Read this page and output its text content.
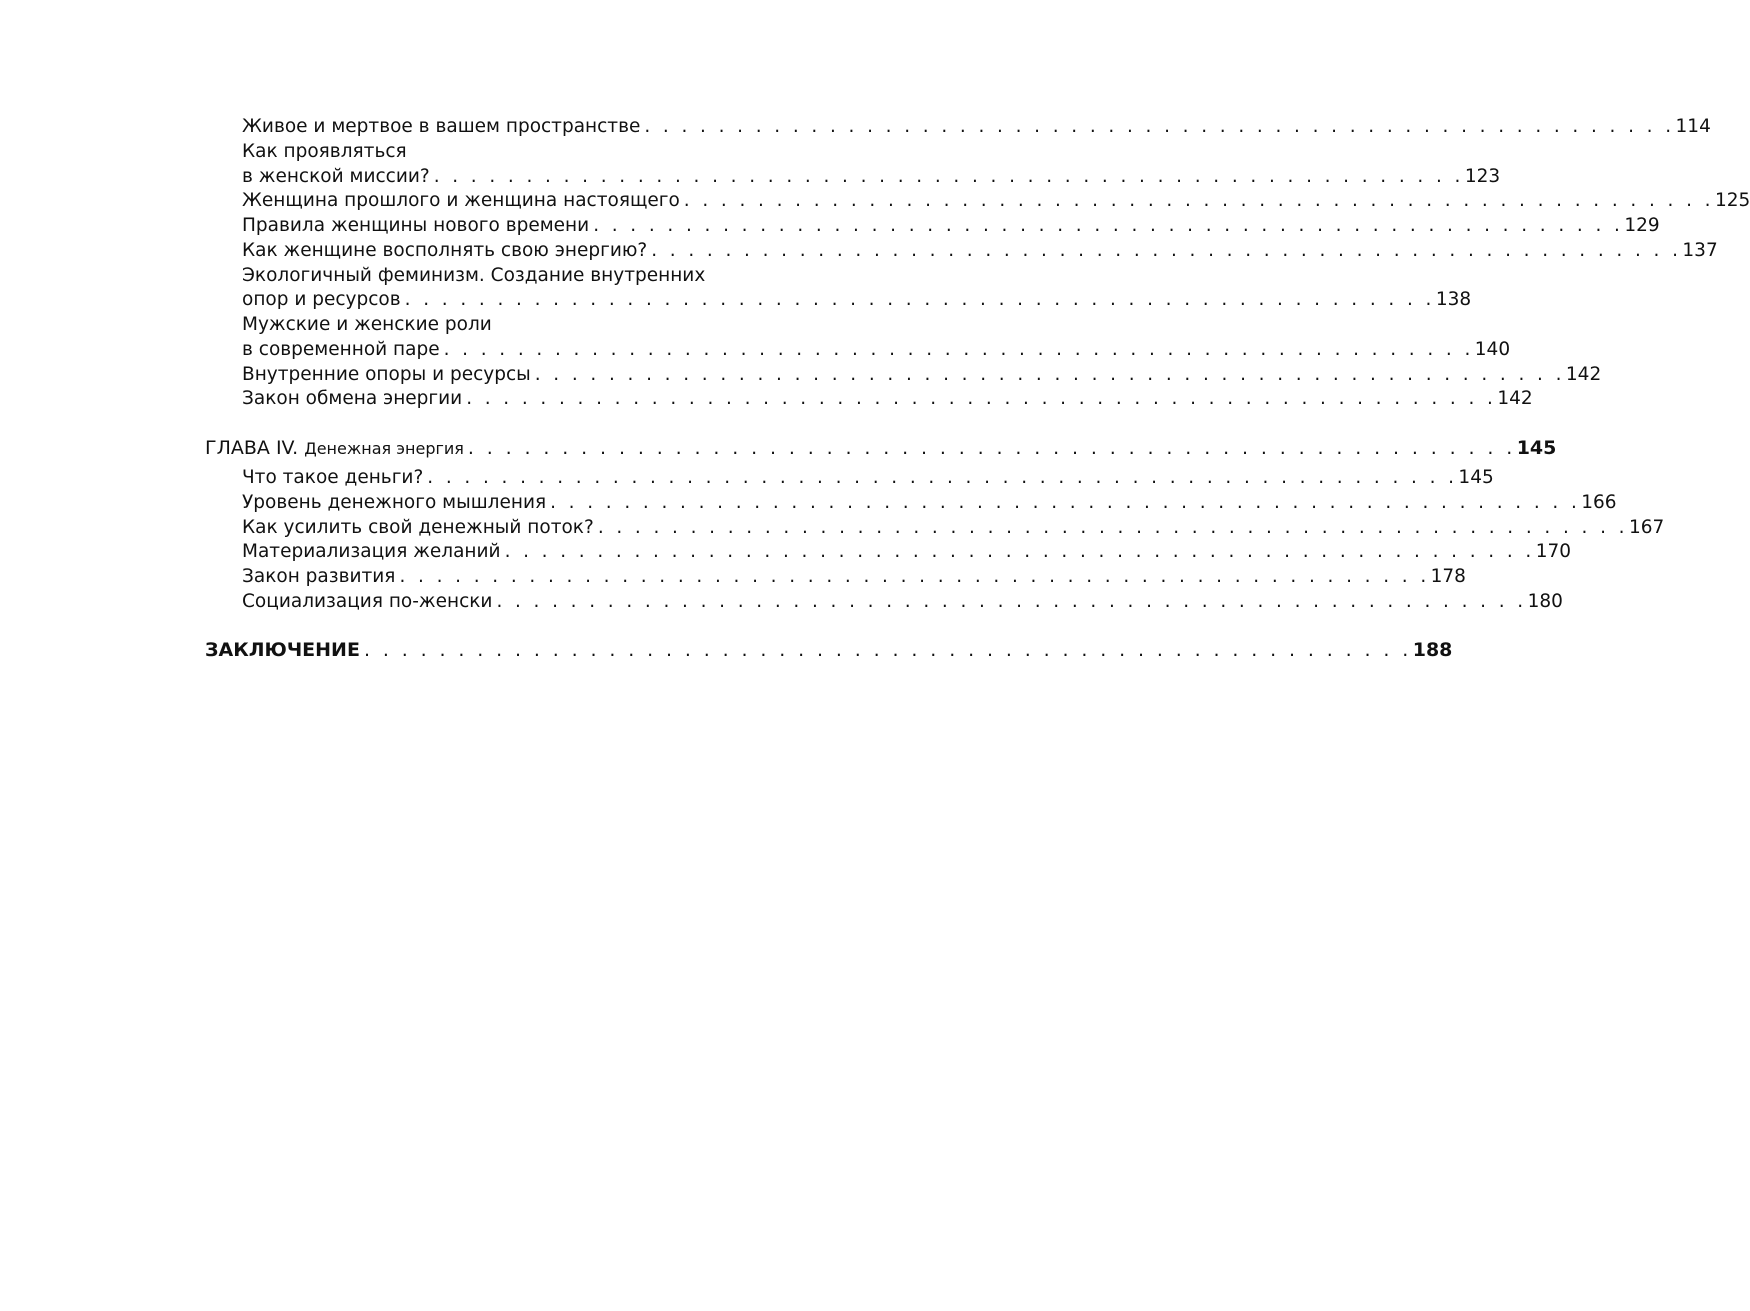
Живое и мертвое в вашем пространстве . . . . . . . . . . . . . . . . . . . . . . . . . . . . . . . . . . . . . . . . . . . . . . . . . . . . . . . . 114
Как проявляться
в женской миссии? . . . . . . . . . . . . . . . . . . . . . . . . . . . . . . . . . . . . . . . . . . . . . . . . . . . . . . . . 123
Женщина прошлого и женщина настоящего . . . . . . . . . . . . . . . . . . . . . . . . . . . . . . . . . . . . . . . . . . . . . . . . . . . . . . . . 125
Правила женщины нового времени . . . . . . . . . . . . . . . . . . . . . . . . . . . . . . . . . . . . . . . . . . . . . . . . . . . . . . . . 129
Как женщине восполнять свою энергию? . . . . . . . . . . . . . . . . . . . . . . . . . . . . . . . . . . . . . . . . . . . . . . . . . . . . . . . . 137
Экологичный феминизм. Создание внутренних
опор и ресурсов . . . . . . . . . . . . . . . . . . . . . . . . . . . . . . . . . . . . . . . . . . . . . . . . . . . . . . . . 138
Мужские и женские роли
в современной паре . . . . . . . . . . . . . . . . . . . . . . . . . . . . . . . . . . . . . . . . . . . . . . . . . . . . . . . . 140
Внутренние опоры и ресурсы . . . . . . . . . . . . . . . . . . . . . . . . . . . . . . . . . . . . . . . . . . . . . . . . . . . . . . . . 142
Закон обмена энергии . . . . . . . . . . . . . . . . . . . . . . . . . . . . . . . . . . . . . . . . . . . . . . . . . . . . . . . . 142
ГЛАВА IV. Денежная энергия . . . . . . . . . . . . . . . . . . . . . . . . . . . . . . . . . . . . . . . . . . . . . . . . . . . . . . . . 145
Что такое деньги? . . . . . . . . . . . . . . . . . . . . . . . . . . . . . . . . . . . . . . . . . . . . . . . . . . . . . . . . 145
Уровень денежного мышления . . . . . . . . . . . . . . . . . . . . . . . . . . . . . . . . . . . . . . . . . . . . . . . . . . . . . . . . 166
Как усилить свой денежный поток? . . . . . . . . . . . . . . . . . . . . . . . . . . . . . . . . . . . . . . . . . . . . . . . . . . . . . . . . 167
Материализация желаний . . . . . . . . . . . . . . . . . . . . . . . . . . . . . . . . . . . . . . . . . . . . . . . . . . . . . . . . 170
Закон развития . . . . . . . . . . . . . . . . . . . . . . . . . . . . . . . . . . . . . . . . . . . . . . . . . . . . . . . . 178
Социализация по-женски . . . . . . . . . . . . . . . . . . . . . . . . . . . . . . . . . . . . . . . . . . . . . . . . . . . . . . . . 180
ЗАКЛЮЧЕНИЕ . . . . . . . . . . . . . . . . . . . . . . . . . . . . . . . . . . . . . . . . . . . . . . . . . . . . . . . . 188
